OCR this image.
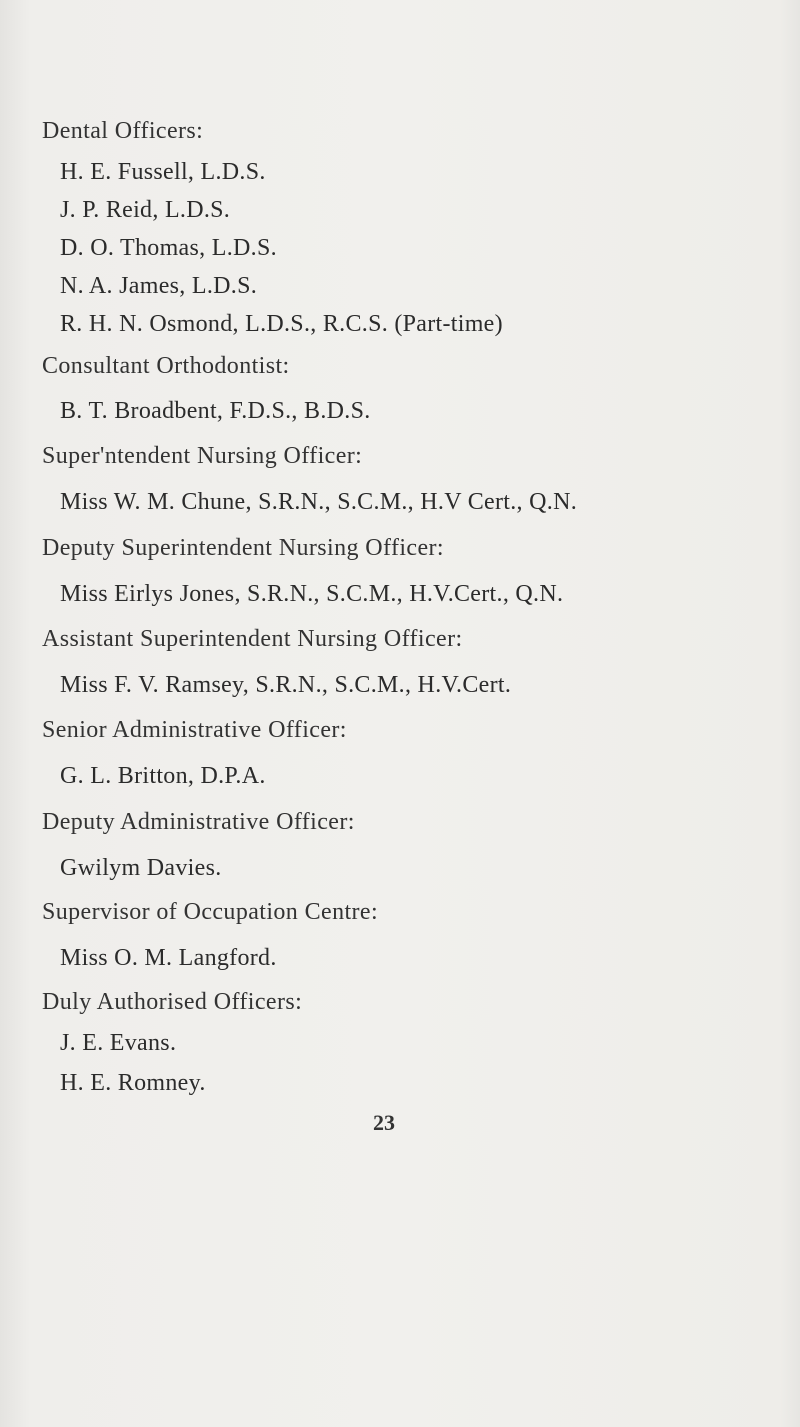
Dental Officers:
H. E. Fussell, L.D.S.
J. P. Reid, L.D.S.
D. O. Thomas, L.D.S.
N. A. James, L.D.S.
R. H. N. Osmond, L.D.S., R.C.S. (Part-time)
Consultant Orthodontist:
B. T. Broadbent, F.D.S., B.D.S.
Super'ntendent Nursing Officer:
Miss W. M. Chune, S.R.N., S.C.M., H.V Cert., Q.N.
Deputy Superintendent Nursing Officer:
Miss Eirlys Jones, S.R.N., S.C.M., H.V.Cert., Q.N.
Assistant Superintendent Nursing Officer:
Miss F. V. Ramsey, S.R.N., S.C.M., H.V.Cert.
Senior Administrative Officer:
G. L. Britton, D.P.A.
Deputy Administrative Officer:
Gwilym Davies.
Supervisor of Occupation Centre:
Miss O. M. Langford.
Duly Authorised Officers:
J. E. Evans.
H. E. Romney.
23
